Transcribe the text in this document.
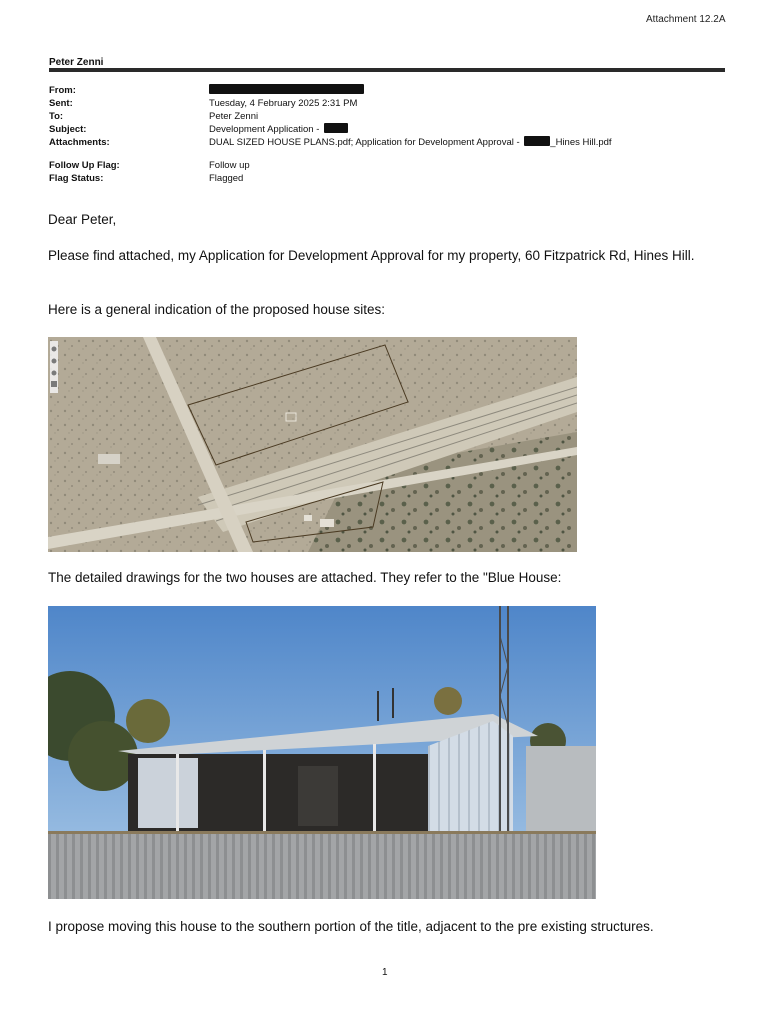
Attachment 12.2A
Peter Zenni
From:
Sent:	Tuesday, 4 February 2025 2:31 PM
To:	Peter Zenni
Subject:	Development Application -
Attachments:	DUAL SIZED HOUSE PLANS.pdf; Application for Development Approval -	_Hines Hill.pdf
Follow Up Flag:	Follow up
Flag Status:	Flagged
Dear Peter,
Please find attached, my Application for Development Approval for my property, 60 Fitzpatrick Rd, Hines Hill.
Here is a general indication of the proposed house sites:
The detailed drawings for the two houses are attached. They refer to the "Blue House:
I propose moving this house to the southern portion of the title, adjacent to the pre existing structures.
1
